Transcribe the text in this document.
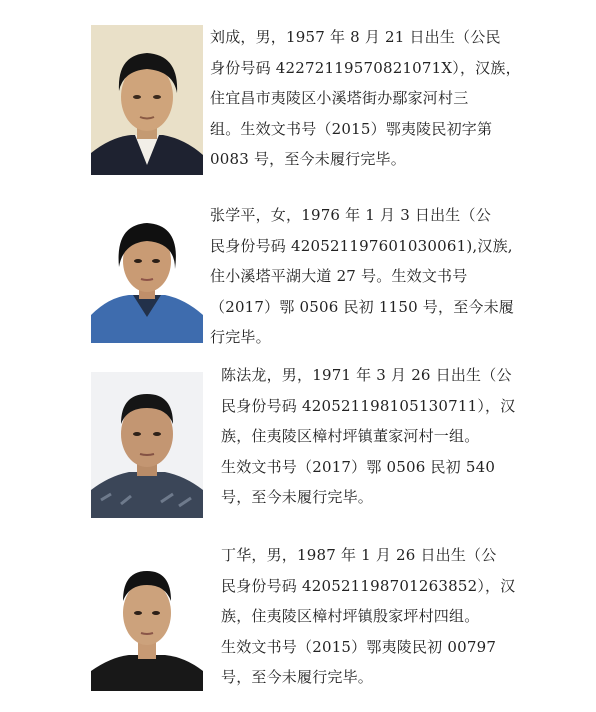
刘成，男，1957 年 8 月 21 日出生（公民
身份号码 42272119570821071X），汉族，
住宜昌市夷陵区小溪塔街办鄢家河村三
组。生效文书号（2015）鄂夷陵民初字第
0083 号，至今未履行完毕。
张学平，女，1976 年 1 月 3 日出生（公
民身份号码 420521197601030061),汉族,
住小溪塔平湖大道 27 号。生效文书号
（2017）鄂 0506 民初 1150 号，至今未履
行完毕。
陈法龙，男，1971 年 3 月 26 日出生（公
民身份号码 420521198105130711），汉
族，住夷陵区樟村坪镇董家河村一组。
生效文书号（2017）鄂 0506 民初 540
号，至今未履行完毕。
丁华，男，1987 年 1 月 26 日出生（公
民身份号码 420521198701263852），汉
族，住夷陵区樟村坪镇殷家坪村四组。
生效文书号（2015）鄂夷陵民初 00797
号，至今未履行完毕。
